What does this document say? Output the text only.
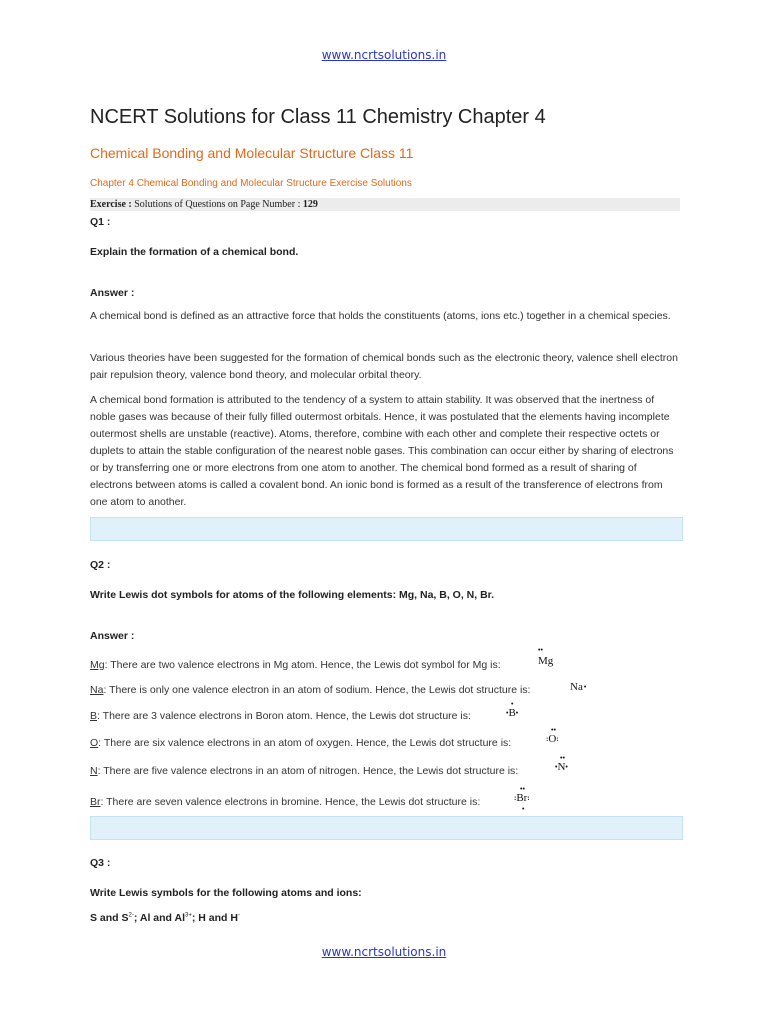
www.ncrtsolutions.in
NCERT Solutions for Class 11 Chemistry Chapter 4
Chemical Bonding and Molecular Structure Class 11
Chapter 4 Chemical Bonding and Molecular Structure Exercise Solutions
Exercise : Solutions of Questions on Page Number : 129
Q1 :
Explain the formation of a chemical bond.
Answer :
A chemical bond is defined as an attractive force that holds the constituents (atoms, ions etc.) together in a chemical species.
Various theories have been suggested for the formation of chemical bonds such as the electronic theory, valence shell electron pair repulsion theory, valence bond theory, and molecular orbital theory.
A chemical bond formation is attributed to the tendency of a system to attain stability. It was observed that the inertness of noble gases was because of their fully filled outermost orbitals. Hence, it was postulated that the elements having incomplete outermost shells are unstable (reactive). Atoms, therefore, combine with each other and complete their respective octets or duplets to attain the stable configuration of the nearest noble gases. This combination can occur either by sharing of electrons or by transferring one or more electrons from one atom to another. The chemical bond formed as a result of sharing of electrons between atoms is called a covalent bond. An ionic bond is formed as a result of the transference of electrons from one atom to another.
Q2 :
Write Lewis dot symbols for atoms of the following elements: Mg, Na, B, O, N, Br.
Answer :
Mg: There are two valence electrons in Mg atom. Hence, the Lewis dot symbol for Mg is:	Mg
••
Na: There is only one valence electron in an atom of sodium. Hence, the Lewis dot structure is:	Na•
B: There are 3 valence electrons in Boron atom. Hence, the Lewis dot structure is:	•B•
•
O: There are six valence electrons in an atom of oxygen. Hence, the Lewis dot structure is:	:O:
••
N: There are five valence electrons in an atom of nitrogen. Hence, the Lewis dot structure is:	•N•
••
Br: There are seven valence electrons in bromine. Hence, the Lewis dot structure is:	:Br:
••
•
Q3 :
Write Lewis symbols for the following atoms and ions:
S and $S^{2-}$; Al and $Al^{3+}$; H and H-
www.ncrtsolutions.in
